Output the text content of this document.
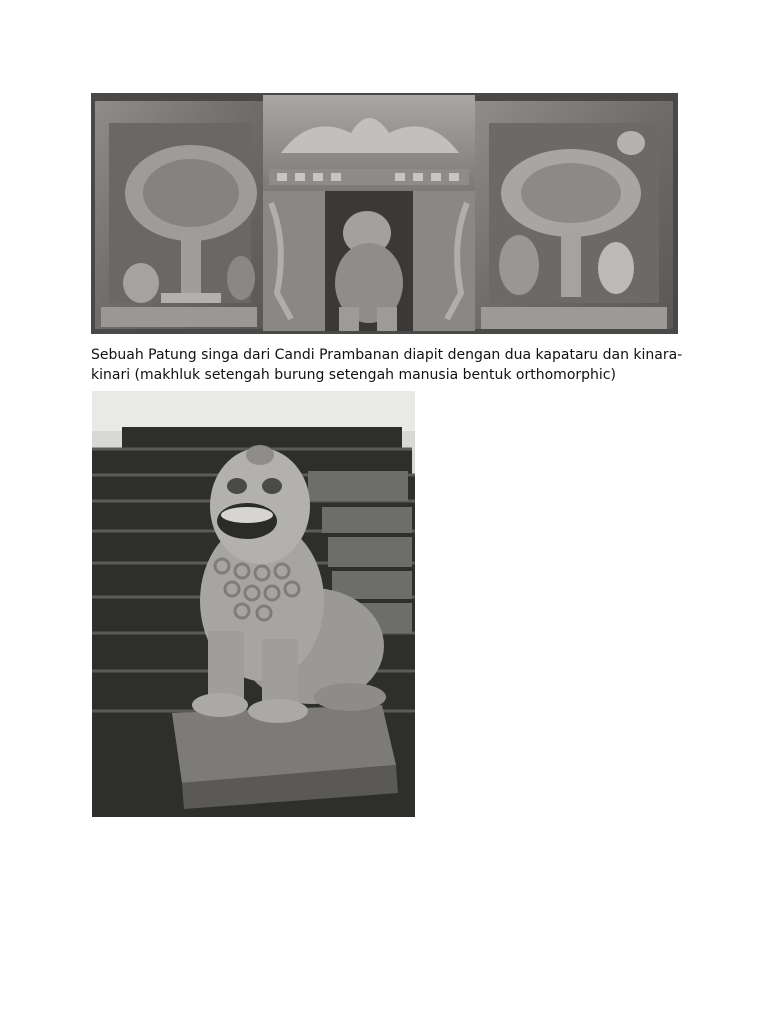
Sebuah Patung singa dari Candi Prambanan diapit dengan dua kapataru dan kinara-
kinari (makhluk setengah burung setengah manusia bentuk orthomorphic)
